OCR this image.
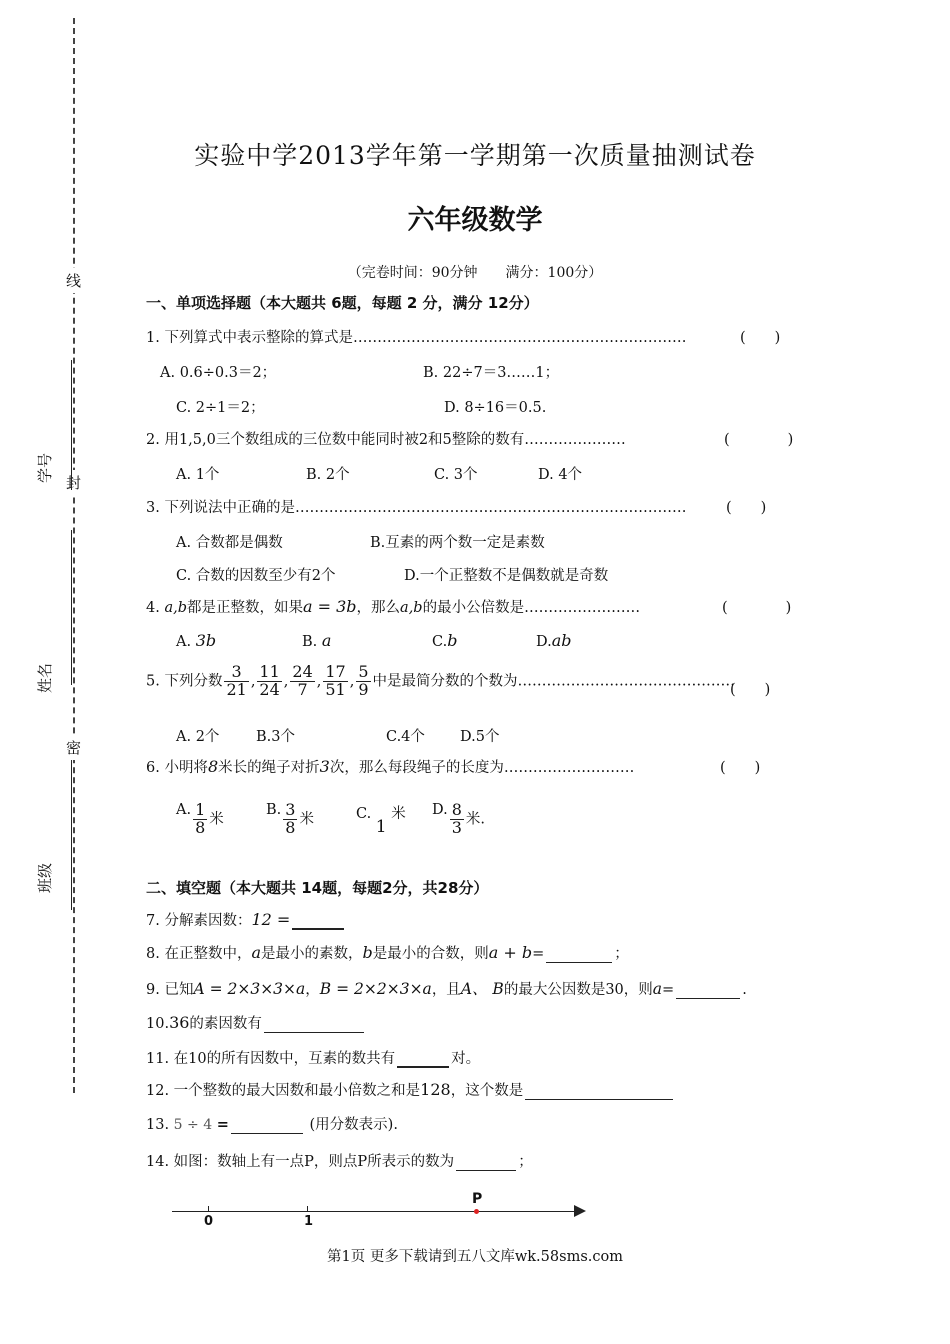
线
封
密
学号
姓名
班级
实验中学2013学年第一学期第一次质量抽测试卷
六年级数学
（完卷时间：90分钟　　满分：100分）
一、单项选择题（本大题共 6题，每题 2 分，满分 12分）
1. 下列算式中表示整除的算式是……………………………………………………………	(　　)
A. 0.6÷0.3＝2；	B. 22÷7＝3……1；
C. 2÷1＝2；	D. 8÷16＝0.5.
2. 用1,5,0三个数组成的三位数中能同时被2和5整除的数有…………………	(　　　　)
A. 1个	B. 2个	C. 3个	D. 4个
3. 下列说法中正确的是………………………………………………………………………	(　　)
A. 合数都是偶数	B.互素的两个数一定是素数
C. 合数的因数至少有2个	D.一个正整数不是偶数就是奇数
4. a,b都是正整数，如果a = 3b，那么a,b的最小公倍数是……………………	(　　　　)
A. 3b	B. a	C.b	D.ab
5. 下列分数 $\frac{3}{21}$ , $\frac{11}{24}$ , $\frac{24}{7}$ , $\frac{17}{51}$ , $\frac{5}{9}$ 中是最简分数的个数为………………………………………
(　　)
A. 2个	B.3个	C.4个 D.5个
6. 小明将8米长的绳子对折3次，那么每段绳子的长度为………………………	(　　)
A. $\frac{1}{8}$ 米
B. $\frac{3}{8}$ 米	C. 1 米 D. $\frac{8}{3}$ 米.
二、填空题（本大题共 14题，每题2分，共28分）
7. 分解素因数：12 =
8. 在正整数中，a是最小的素数，b是最小的合数，则a + b=	；
9. 已知A = 2×3×3×a，B = 2×2×3×a，且A、 B的最大公因数是30，则a=	.
10.36的素因数有
11. 在10的所有因数中，互素的数共有	对。
12. 一个整数的最大因数和最小倍数之和是128，这个数是
13. 5 ÷ 4 =	(用分数表示).
14. 如图：数轴上有一点P，则点P所表示的数为	；
0	1
P
第1页 更多下载请到五八文库wk.58sms.com
